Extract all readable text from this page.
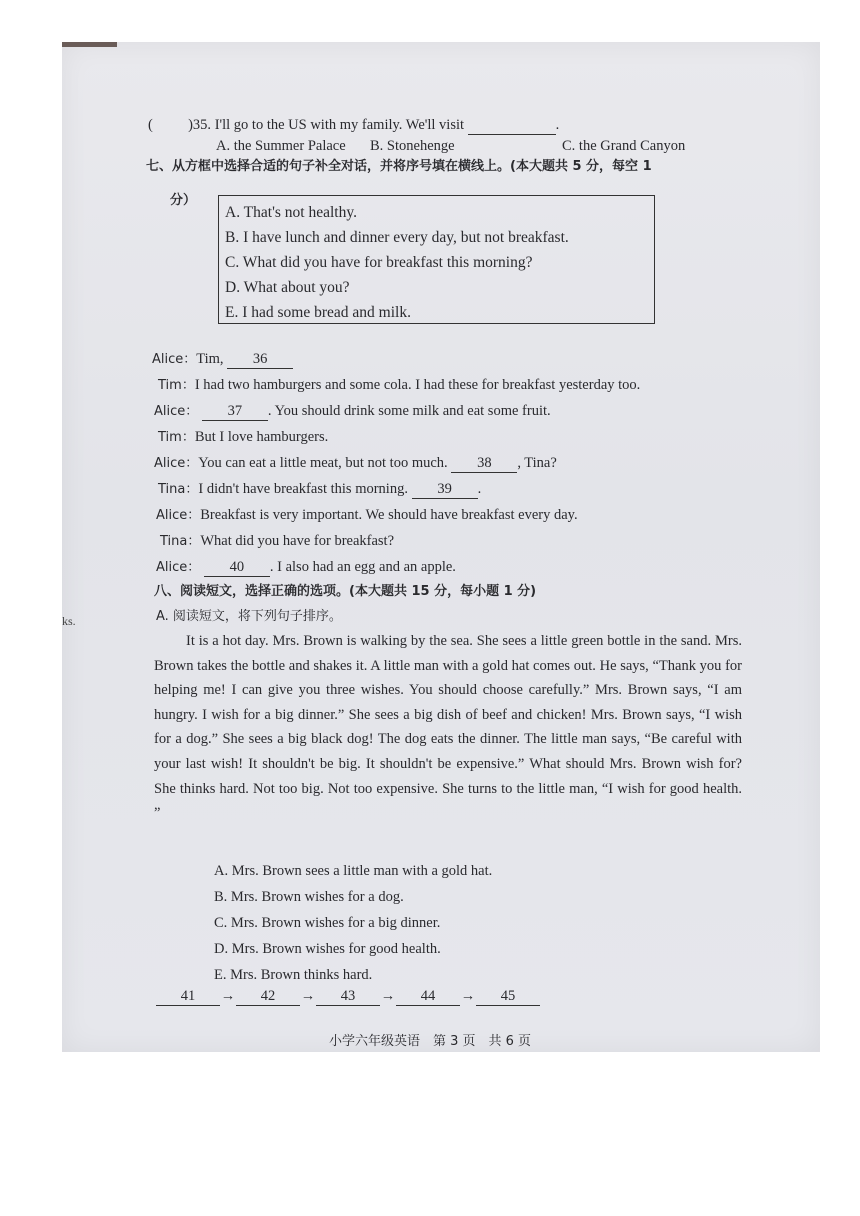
ks.
( )35. I'll go to the US with my family. We'll visit	.
A. the Summer Palace B. Stonehenge	C. the Grand Canyon
七、从方框中选择合适的句子补全对话，并将序号填在横线上。(本大题共 5 分，每空 1
分）
A. That's not healthy.
B. I have lunch and dinner every day, but not breakfast.
C. What did you have for breakfast this morning?
D. What about you?
E. I had some bread and milk.
Alice：Tim, 36
Tim：I had two hamburgers and some cola. I had these for breakfast yesterday too.
Alice： 37 . You should drink some milk and eat some fruit.
Tim：But I love hamburgers.
Alice：You can eat a little meat, but not too much. 38 , Tina?
Tina：I didn't have breakfast this morning. 39 .
Alice：Breakfast is very important. We should have breakfast every day.
Tina：What did you have for breakfast?
Alice： 40 . I also had an egg and an apple.
八、阅读短文，选择正确的选项。(本大题共 15 分，每小题 1 分)
A. 阅读短文，将下列句子排序。
It is a hot day. Mrs. Brown is walking by the sea. She sees a little green bottle in the sand. Mrs. Brown takes the bottle and shakes it. A little man with a gold hat comes out. He says, “Thank you for helping me! I can give you three wishes. You should choose carefully.” Mrs. Brown says, “I am hungry. I wish for a big dinner.” She sees a big dish of beef and chicken! Mrs. Brown says, “I wish for a dog.” She sees a big black dog! The dog eats the dinner. The little man says, “Be careful with your last wish! It shouldn't be big. It shouldn't be expensive.” What should Mrs. Brown wish for? She thinks hard. Not too big. Not too expensive. She turns to the little man, “I wish for good health. ”
A. Mrs. Brown sees a little man with a gold hat.
B. Mrs. Brown wishes for a dog.
C. Mrs. Brown wishes for a big dinner.
D. Mrs. Brown wishes for good health.
E. Mrs. Brown thinks hard.
41 → 42 → 43 → 44 → 45
小学六年级英语　第 3 页　共 6 页
